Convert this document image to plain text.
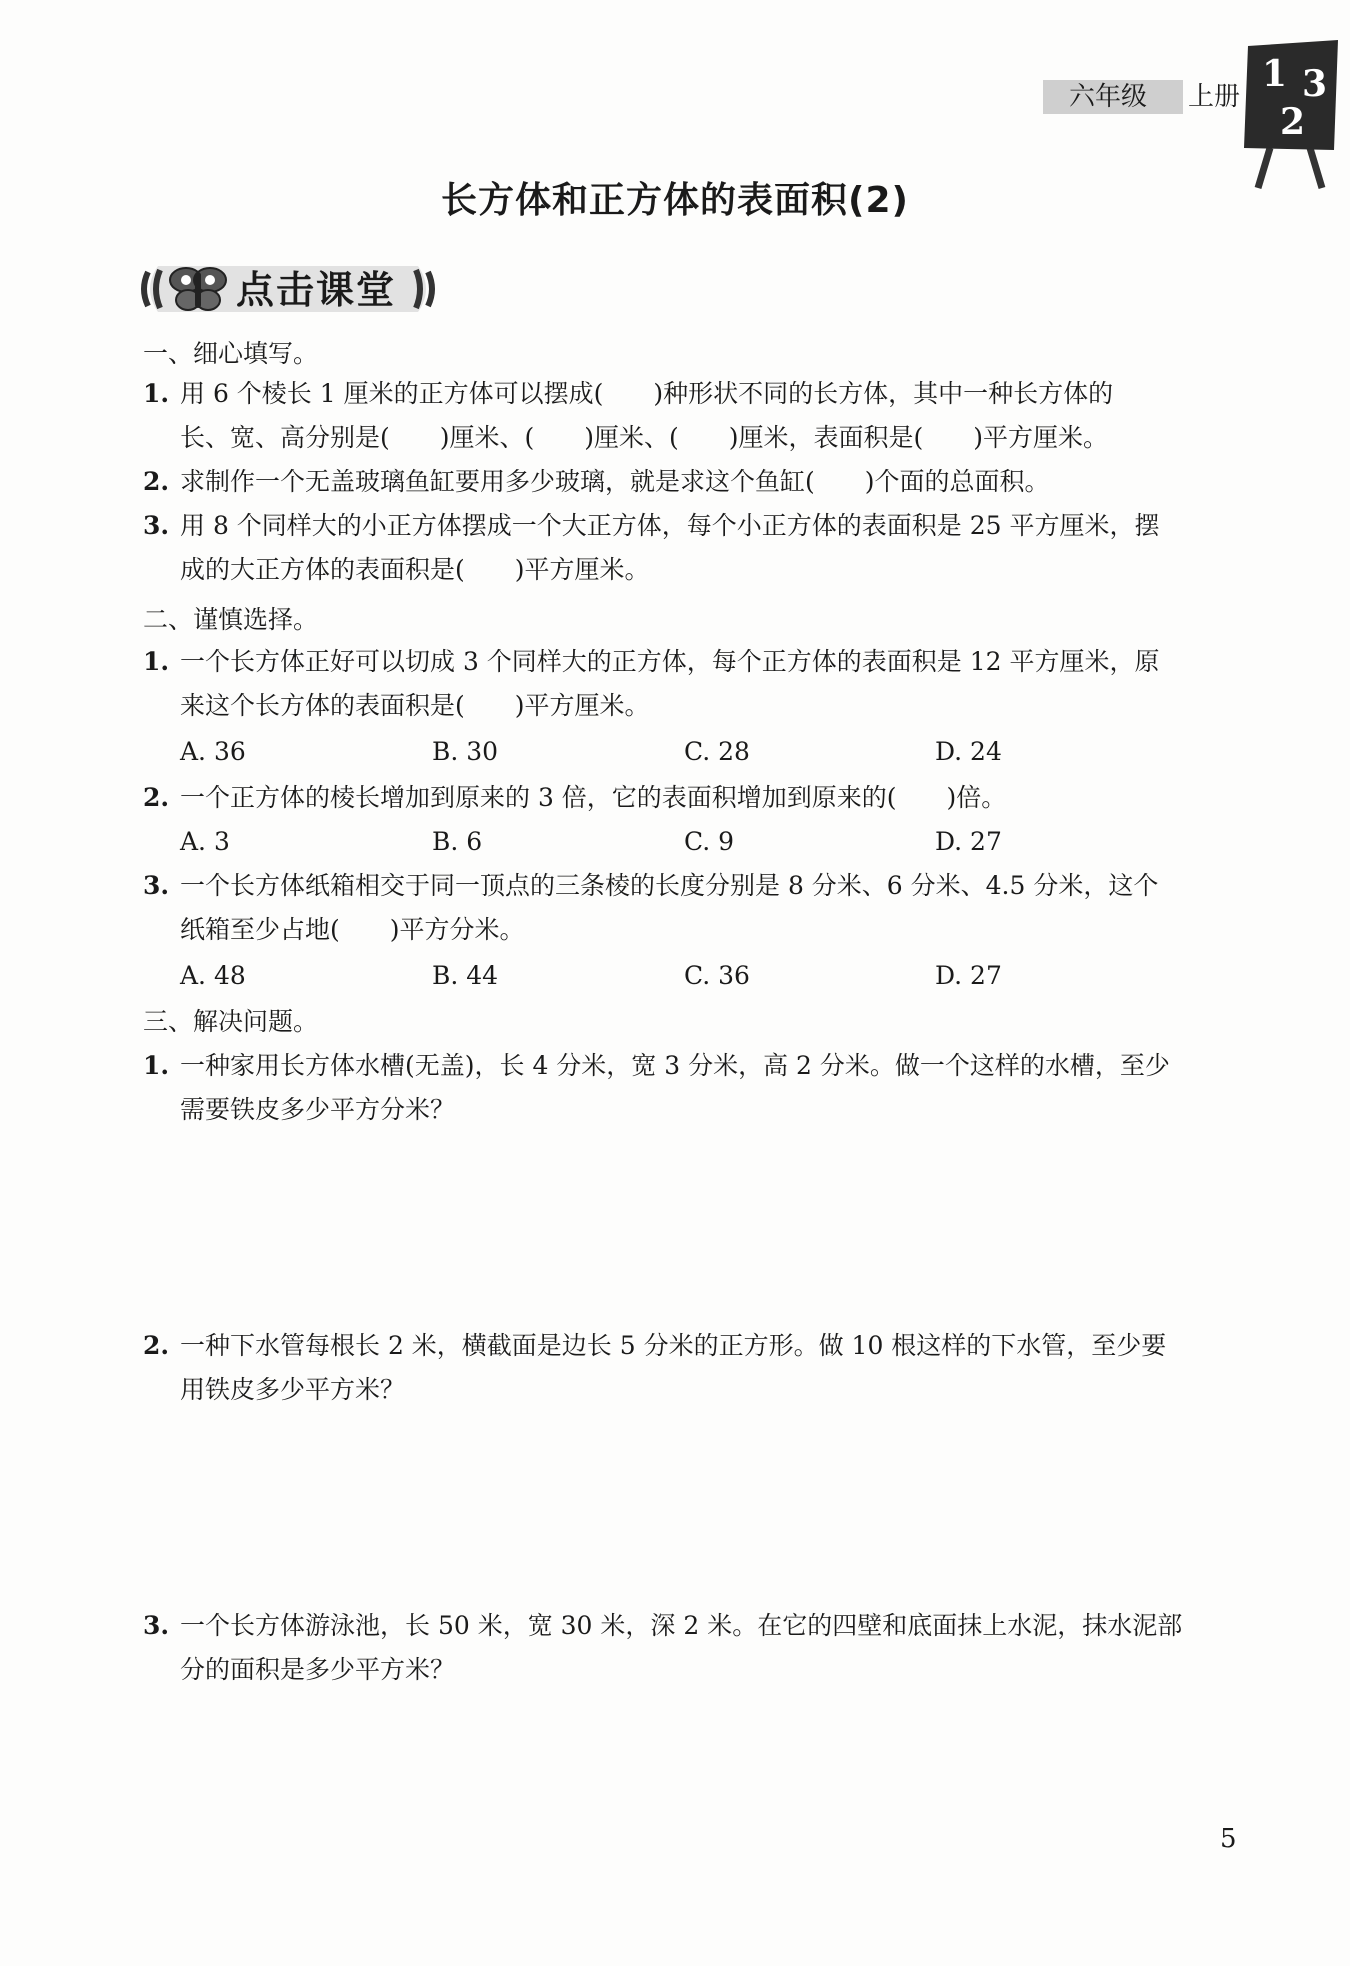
六年级	上册
1 3
2
长方体和正方体的表面积(2)
点击课堂
一、细心填写。
1. 用 6 个棱长 1 厘米的正方体可以摆成(　　)种形状不同的长方体，其中一种长方体的
长、宽、高分别是(　　)厘米、(　　)厘米、(　　)厘米，表面积是(　　)平方厘米。
2. 求制作一个无盖玻璃鱼缸要用多少玻璃，就是求这个鱼缸(　　)个面的总面积。
3. 用 8 个同样大的小正方体摆成一个大正方体，每个小正方体的表面积是 25 平方厘米，摆
成的大正方体的表面积是(　　)平方厘米。
二、谨慎选择。
1. 一个长方体正好可以切成 3 个同样大的正方体，每个正方体的表面积是 12 平方厘米，原
来这个长方体的表面积是(　　)平方厘米。
A. 36	B. 30	C. 28	D. 24
2. 一个正方体的棱长增加到原来的 3 倍，它的表面积增加到原来的(　　)倍。
A. 3	B. 6	C. 9	D. 27
3. 一个长方体纸箱相交于同一顶点的三条棱的长度分别是 8 分米、6 分米、4.5 分米，这个
纸箱至少占地(　　)平方分米。
A. 48	B. 44	C. 36	D. 27
三、解决问题。
1. 一种家用长方体水槽(无盖)，长 4 分米，宽 3 分米，高 2 分米。做一个这样的水槽，至少
需要铁皮多少平方分米？
2. 一种下水管每根长 2 米，横截面是边长 5 分米的正方形。做 10 根这样的下水管，至少要
用铁皮多少平方米？
3. 一个长方体游泳池，长 50 米，宽 30 米，深 2 米。在它的四壁和底面抹上水泥，抹水泥部
分的面积是多少平方米？
5
